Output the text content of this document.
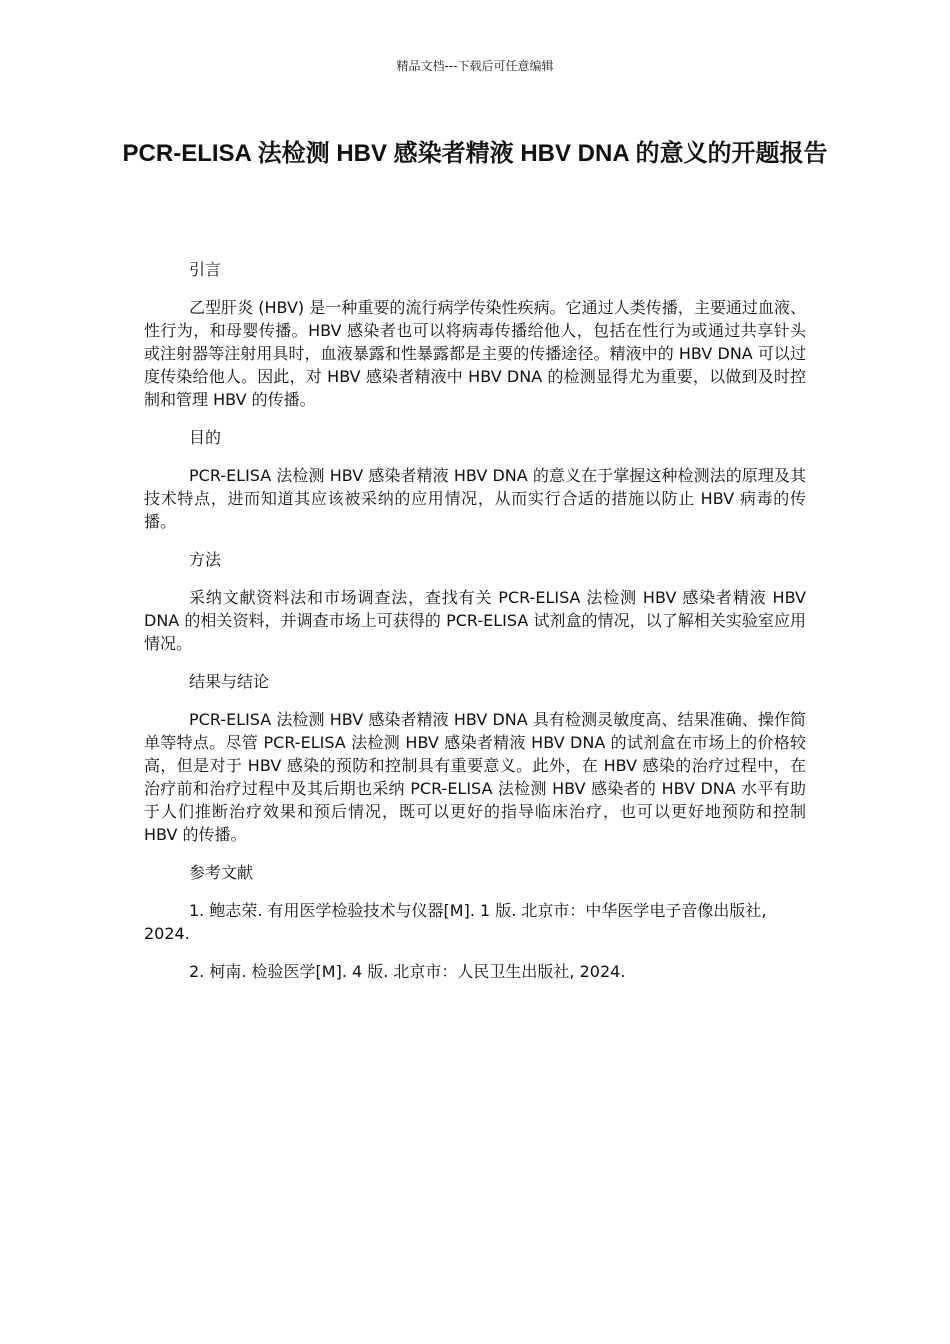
精品文档---下载后可任意编辑
PCR-ELISA 法检测 HBV 感染者精液 HBV DNA 的意义的开题报告

引言

乙型肝炎 (HBV) 是一种重要的流行病学传染性疾病。它通过人类传播，主要通过血液、性行为，和母婴传播。HBV 感染者也可以将病毒传播给他人，包括在性行为或通过共享针头或注射器等注射用具时，血液暴露和性暴露都是主要的传播途径。精液中的 HBV DNA 可以过度传染给他人。因此，对 HBV 感染者精液中 HBV DNA 的检测显得尤为重要，以做到及时控制和管理 HBV 的传播。

目的

PCR-ELISA 法检测 HBV 感染者精液 HBV DNA 的意义在于掌握这种检测法的原理及其技术特点，进而知道其应该被采纳的应用情况，从而实行合适的措施以防止 HBV 病毒的传播。

方法

采纳文献资料法和市场调查法，查找有关 PCR-ELISA 法检测 HBV 感染者精液 HBV DNA 的相关资料，并调查市场上可获得的 PCR-ELISA 试剂盒的情况，以了解相关实验室应用情况。

结果与结论

PCR-ELISA 法检测 HBV 感染者精液 HBV DNA 具有检测灵敏度高、结果准确、操作简单等特点。尽管 PCR-ELISA 法检测 HBV 感染者精液 HBV DNA 的试剂盒在市场上的价格较高，但是对于 HBV 感染的预防和控制具有重要意义。此外，在 HBV 感染的治疗过程中，在治疗前和治疗过程中及其后期也采纳 PCR-ELISA 法检测 HBV 感染者的 HBV DNA 水平有助于人们推断治疗效果和预后情况，既可以更好的指导临床治疗，也可以更好地预防和控制 HBV 的传播。

参考文献

1. 鲍志荣. 有用医学检验技术与仪器[M]. 1 版. 北京市：中华医学电子音像出版社, 2024.

2. 柯南. 检验医学[M]. 4 版. 北京市：人民卫生出版社, 2024.
